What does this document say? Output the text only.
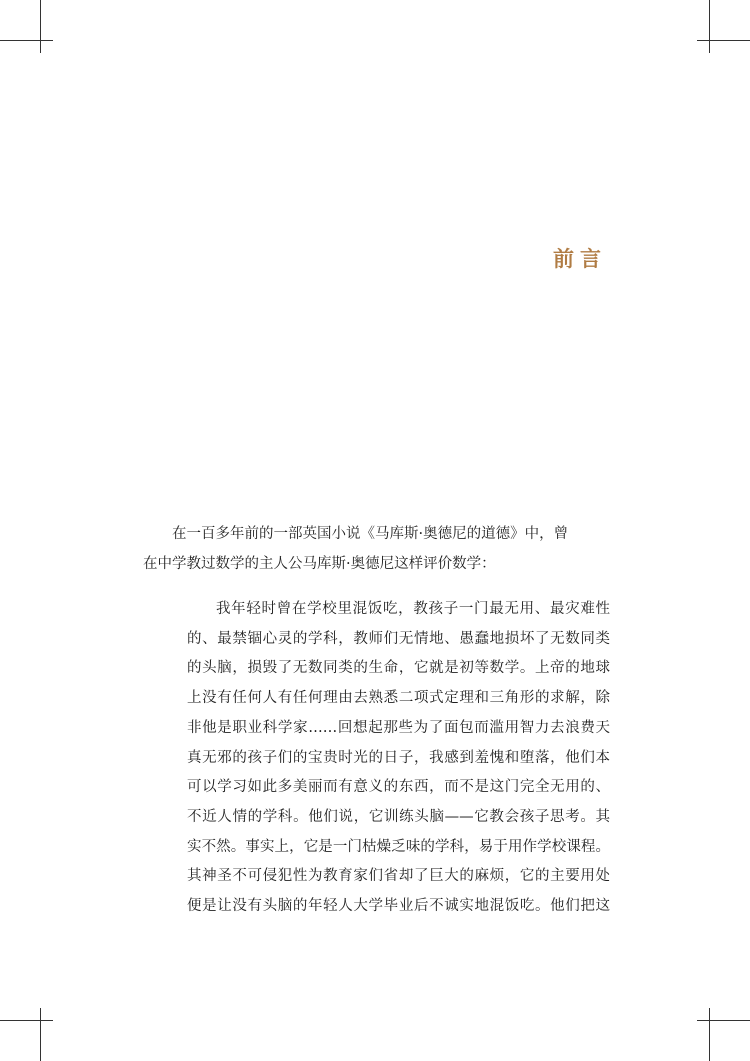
前言

在一百多年前的一部英国小说《马库斯·奥德尼的道德》中，曾
在中学教过数学的主人公马库斯·奥德尼这样评价数学：

我年轻时曾在学校里混饭吃，教孩子一门最无用、最灾难性
的、最禁锢心灵的学科，教师们无情地、愚蠢地损坏了无数同类
的头脑，损毁了无数同类的生命，它就是初等数学。上帝的地球
上没有任何人有任何理由去熟悉二项式定理和三角形的求解，除
非他是职业科学家……回想起那些为了面包而滥用智力去浪费天
真无邪的孩子们的宝贵时光的日子，我感到羞愧和堕落，他们本
可以学习如此多美丽而有意义的东西，而不是这门完全无用的、
不近人情的学科。他们说，它训练头脑——它教会孩子思考。其
实不然。事实上，它是一门枯燥乏味的学科，易于用作学校课程。
其神圣不可侵犯性为教育家们省却了巨大的麻烦，它的主要用处
便是让没有头脑的年轻人大学毕业后不诚实地混饭吃。他们把这
